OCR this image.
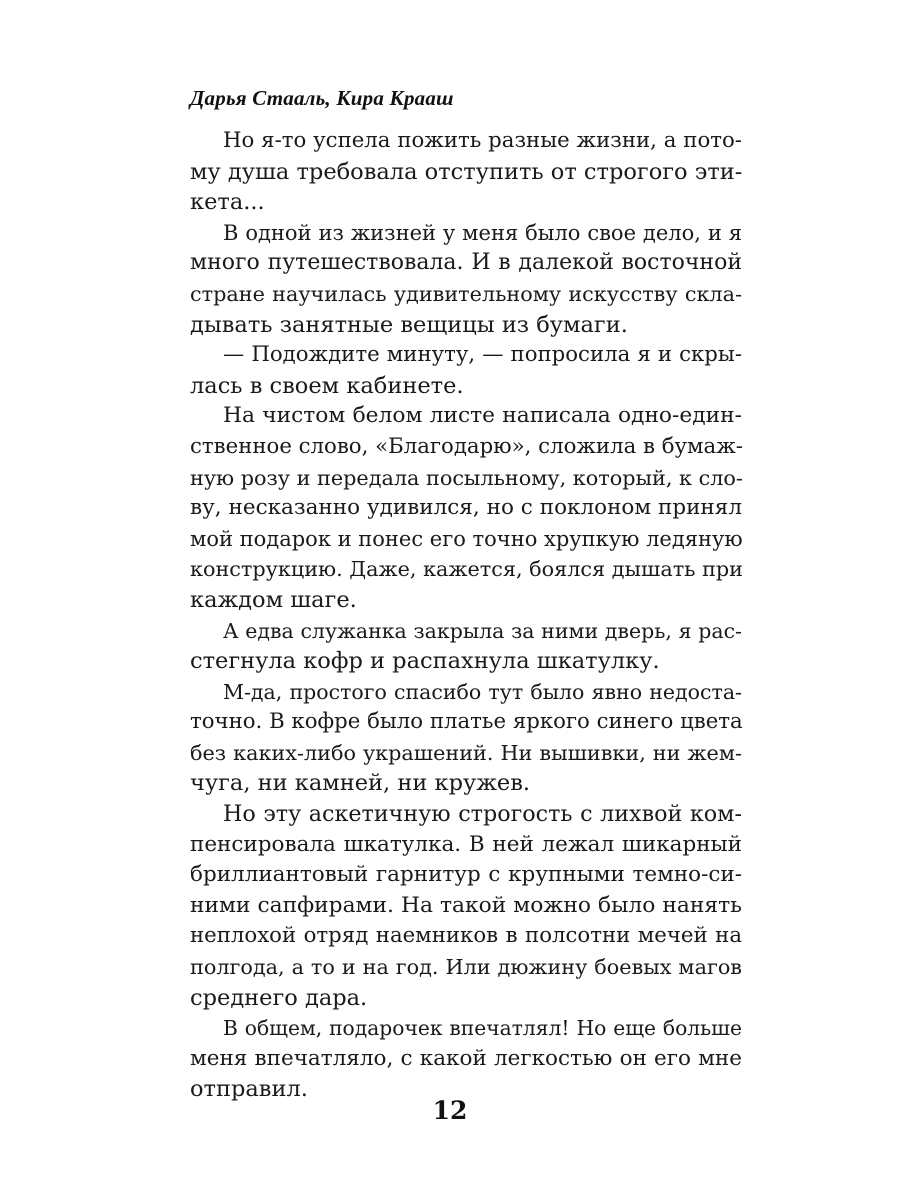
Дарья Стааль, Кира Крааш
Но я-то успела пожить разные жизни, а пото-
му душа требовала отступить от строгого эти-
кета...
В одной из жизней у меня было свое дело, и я
много путешествовала. И в далекой восточной
стране научилась удивительному искусству скла-
дывать занятные вещицы из бумаги.
— Подождите минуту, — попросила я и скры-
лась в своем кабинете.
На чистом белом листе написала одно-един-
ственное слово, «Благодарю», сложила в бумаж-
ную розу и передала посыльному, который, к сло-
ву, несказанно удивился, но с поклоном принял
мой подарок и понес его точно хрупкую ледяную
конструкцию. Даже, кажется, боялся дышать при
каждом шаге.
А едва служанка закрыла за ними дверь, я рас-
стегнула кофр и распахнула шкатулку.
М-да, простого спасибо тут было явно недоста-
точно. В кофре было платье яркого синего цвета
без каких-либо украшений. Ни вышивки, ни жем-
чуга, ни камней, ни кружев.
Но эту аскетичную строгость с лихвой ком-
пенсировала шкатулка. В ней лежал шикарный
бриллиантовый гарнитур с крупными темно-си-
ними сапфирами. На такой можно было нанять
неплохой отряд наемников в полсотни мечей на
полгода, а то и на год. Или дюжину боевых магов
среднего дара.
В общем, подарочек впечатлял! Но еще больше
меня впечатляло, с какой легкостью он его мне
отправил.
12
